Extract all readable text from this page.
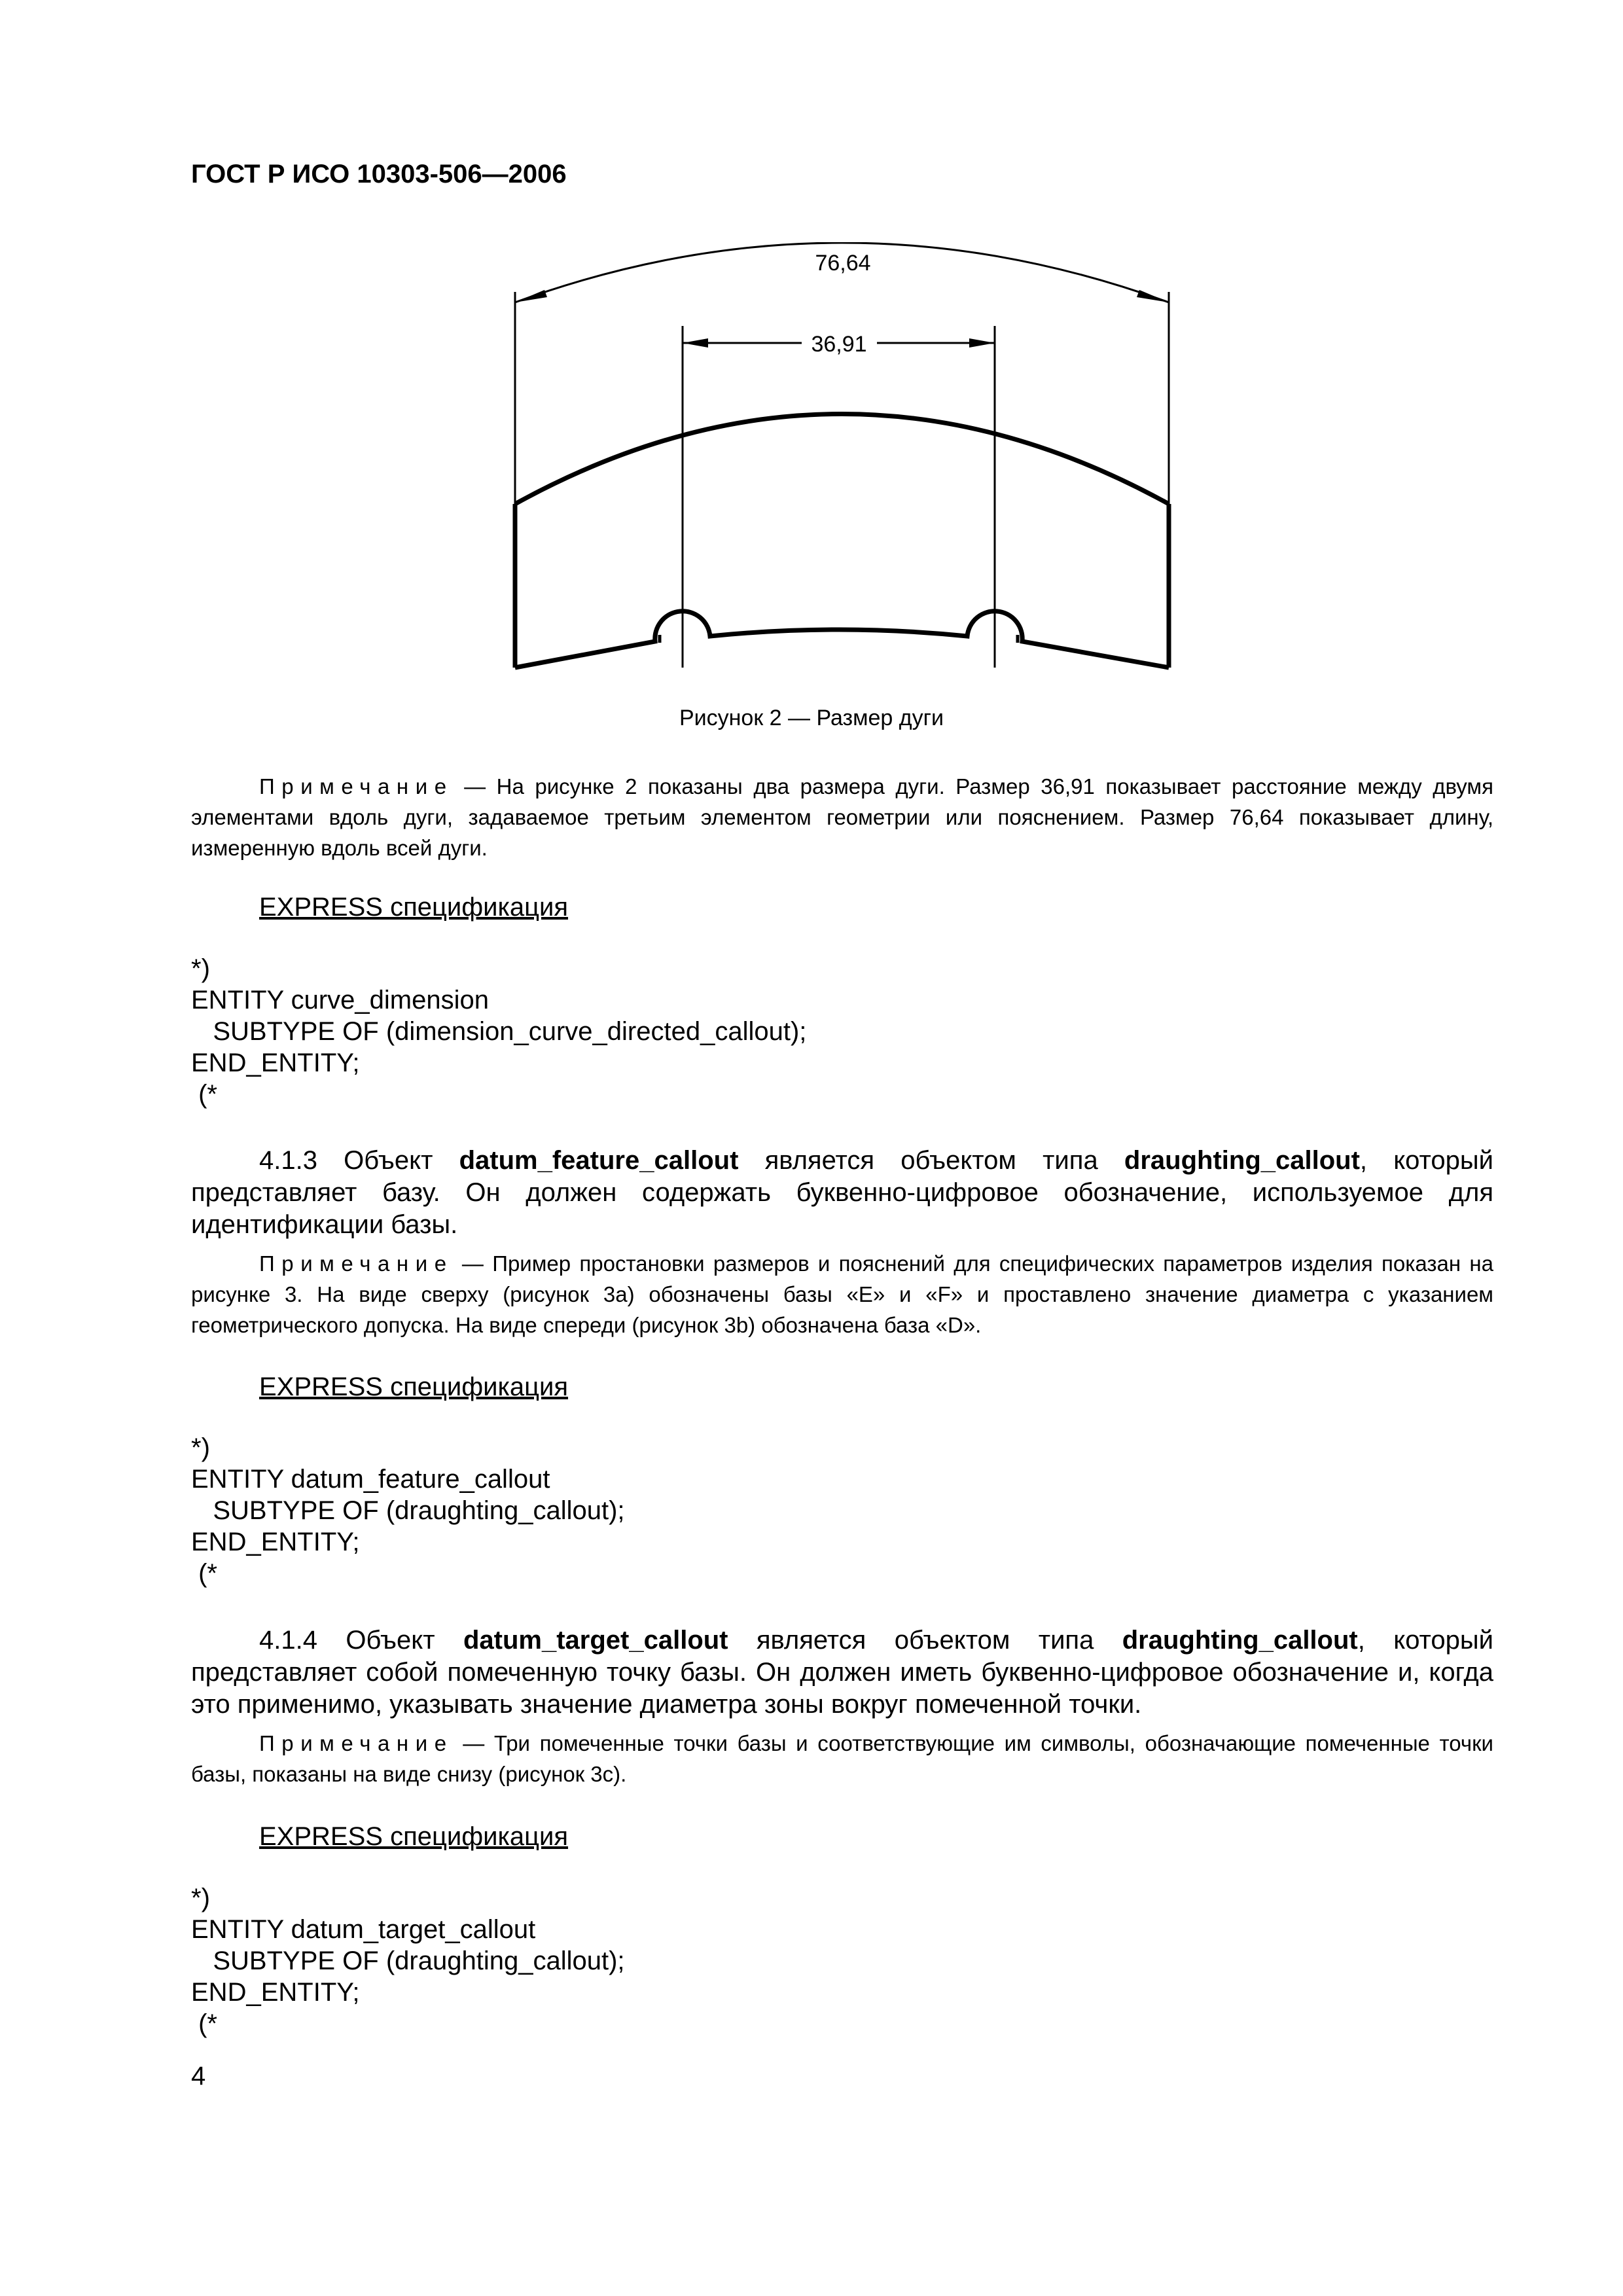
ГОСТ Р ИСО 10303-506—2006

76,64
36,91
Рисунок 2 — Размер дуги

Примечание — На рисунке 2 показаны два размера дуги. Размер 36,91 показывает расстояние между двумя элементами вдоль дуги, задаваемое третьим элементом геометрии или пояснением. Размер 76,64 показывает длину, измеренную вдоль всей дуги.

EXPRESS спецификация

*)
ENTITY curve_dimension
SUBTYPE OF (dimension_curve_directed_callout);
END_ENTITY;
(*

4.1.3 Объект datum_feature_callout является объектом типа draughting_callout, который представляет базу. Он должен содержать буквенно-цифровое обозначение, используемое для идентификации базы.

Примечание — Пример простановки размеров и пояснений для специфических параметров изделия показан на рисунке 3. На виде сверху (рисунок 3а) обозначены базы «E» и «F» и проставлено значение диаметра с указанием геометрического допуска. На виде спереди (рисунок 3b) обозначена база «D».

EXPRESS спецификация

*)
ENTITY datum_feature_callout
SUBTYPE OF (draughting_callout);
END_ENTITY;
(*

4.1.4 Объект datum_target_callout является объектом типа draughting_callout, который представляет собой помеченную точку базы. Он должен иметь буквенно-цифровое обозначение и, когда это применимо, указывать значение диаметра зоны вокруг помеченной точки.

Примечание — Три помеченные точки базы и соответствующие им символы, обозначающие помеченные точки базы, показаны на виде снизу (рисунок 3с).

EXPRESS спецификация

*)
ENTITY datum_target_callout
SUBTYPE OF (draughting_callout);
END_ENTITY;
(*

4
